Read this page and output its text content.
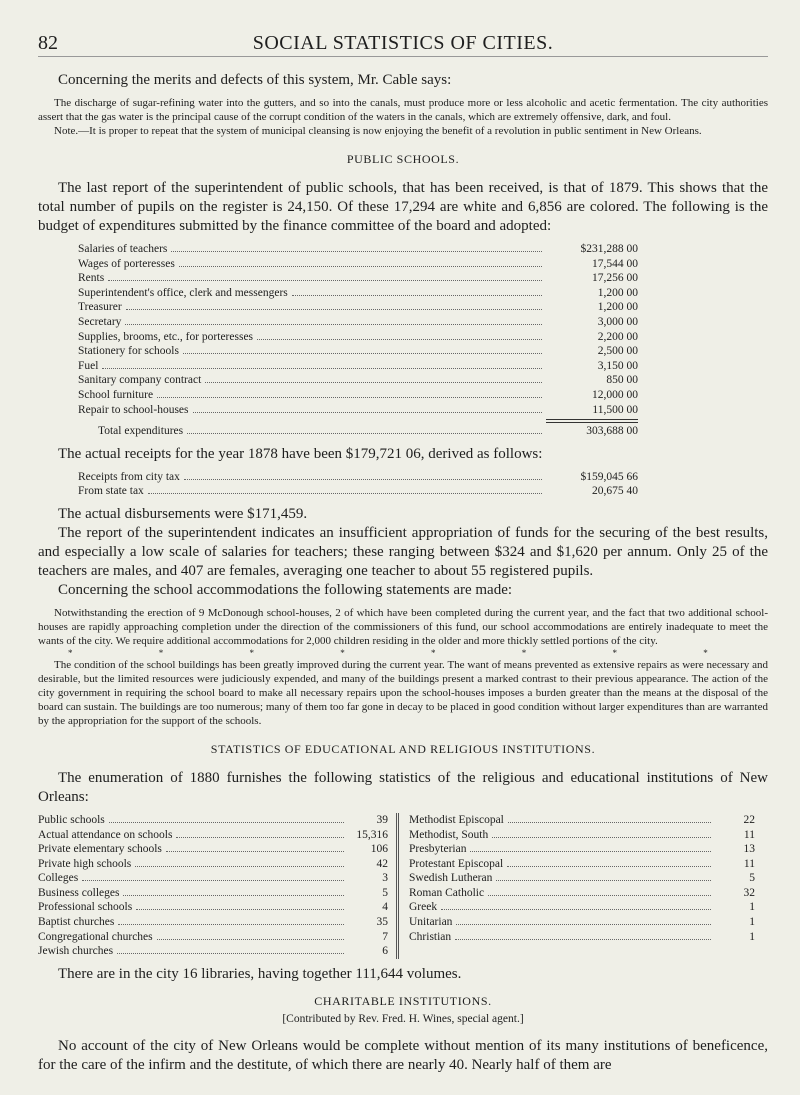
82	SOCIAL STATISTICS OF CITIES.

Concerning the merits and defects of this system, Mr. Cable says:

The discharge of sugar-refining water into the gutters, and so into the canals, must produce more or less alcoholic and acetic fermentation. The city authorities assert that the gas water is the principal cause of the corrupt condition of the waters in the canals, which are extremely offensive, dark, and foul.

Note.—It is proper to repeat that the system of municipal cleansing is now enjoying the benefit of a revolution in public sentiment in New Orleans.

PUBLIC SCHOOLS.

The last report of the superintendent of public schools, that has been received, is that of 1879. This shows that the total number of pupils on the register is 24,150. Of these 17,294 are white and 6,856 are colored. The following is the budget of expenditures submitted by the finance committee of the board and adopted:

Salaries of teachers	$231,288 00
Wages of porteresses	17,544 00
Rents	17,256 00
Superintendent's office, clerk and messengers	1,200 00
Treasurer	1,200 00
Secretary	3,000 00
Supplies, brooms, etc., for porteresses	2,200 00
Stationery for schools	2,500 00
Fuel	3,150 00
Sanitary company contract	850 00
School furniture	12,000 00
Repair to school-houses	11,500 00
Total expenditures	303,688 00

The actual receipts for the year 1878 have been $179,721 06, derived as follows:

Receipts from city tax	$159,045 66
From state tax	20,675 40

The actual disbursements were $171,459.

The report of the superintendent indicates an insufficient appropriation of funds for the securing of the best results, and especially a low scale of salaries for teachers; these ranging between $324 and $1,620 per annum. Only 25 of the teachers are males, and 407 are females, averaging one teacher to about 55 registered pupils.

Concerning the school accommodations the following statements are made:

Notwithstanding the erection of 9 McDonough school-houses, 2 of which have been completed during the current year, and the fact that two additional school-houses are rapidly approaching completion under the direction of the commissioners of this fund, our school accommodations are entirely inadequate to meet the wants of the city. We require additional accommodations for 2,000 children residing in the older and more thickly settled portions of the city.

* * * * * * * *

The condition of the school buildings has been greatly improved during the current year. The want of means prevented as extensive repairs as were necessary and desirable, but the limited resources were judiciously expended, and many of the buildings present a marked contrast to their previous appearance. The action of the city government in requiring the school board to make all necessary repairs upon the school-houses imposes a burden greater than the means at the disposal of the board can sustain. The buildings are too numerous; many of them too far gone in decay to be placed in good condition without larger expenditures than are warranted by the appropriation for the support of the schools.

STATISTICS OF EDUCATIONAL AND RELIGIOUS INSTITUTIONS.

The enumeration of 1880 furnishes the following statistics of the religious and educational institutions of New Orleans:

Public schools	39
Actual attendance on schools	15,316
Private elementary schools	106
Private high schools	42
Colleges	3
Business colleges	5
Professional schools	4
Baptist churches	35
Congregational churches	7
Jewish churches	6
Methodist Episcopal	22
Methodist, South	11
Presbyterian	13
Protestant Episcopal	11
Swedish Lutheran	5
Roman Catholic	32
Greek	1
Unitarian	1
Christian	1

There are in the city 16 libraries, having together 111,644 volumes.

CHARITABLE INSTITUTIONS.
[Contributed by Rev. Fred. H. Wines, special agent.]

No account of the city of New Orleans would be complete without mention of its many institutions of beneficence, for the care of the infirm and the destitute, of which there are nearly 40. Nearly half of them are
